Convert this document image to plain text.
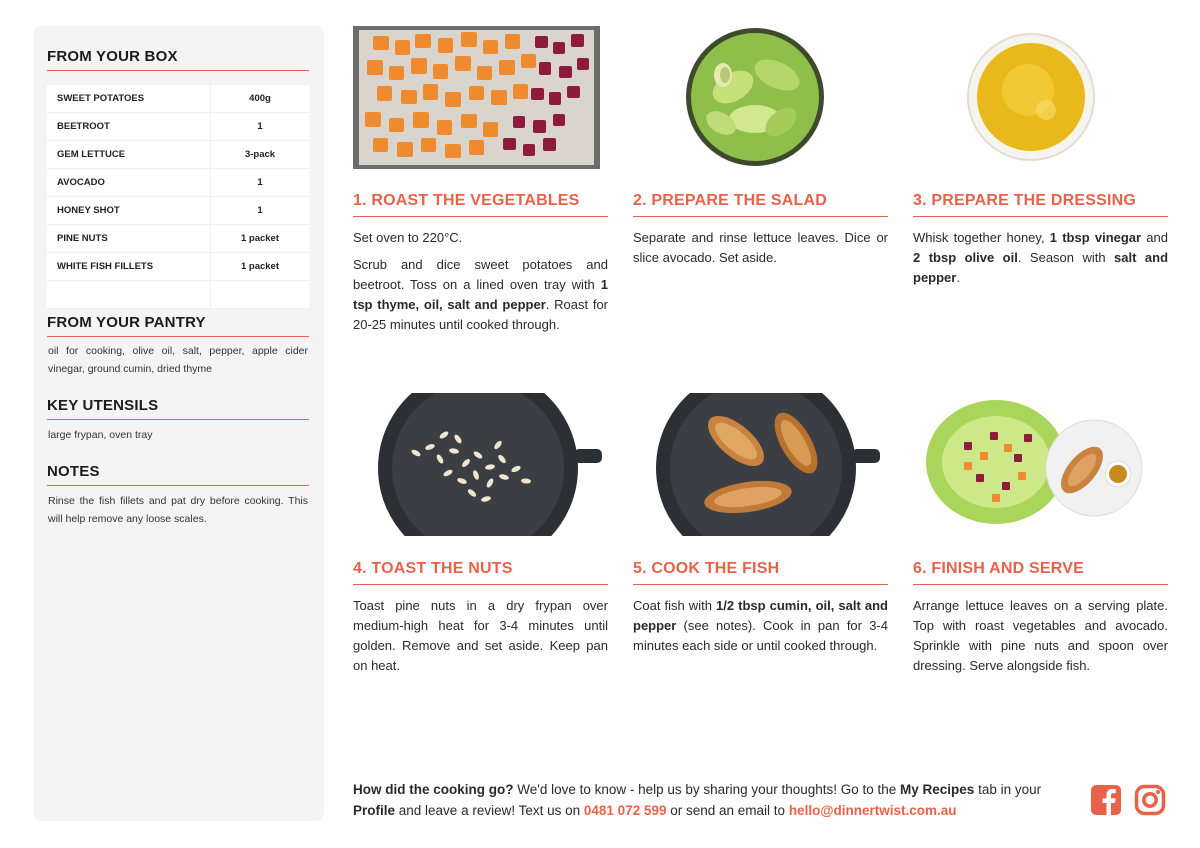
FROM YOUR BOX
SWEET POTATOES	400g
BEETROOT	1
GEM LETTUCE	3-pack
AVOCADO	1
HONEY SHOT	1
PINE NUTS	1 packet
WHITE FISH FILLETS	1 packet

FROM YOUR PANTRY

oil for cooking, olive oil, salt, pepper, apple cider vinegar, ground cumin, dried thyme

KEY UTENSILS

large frypan, oven tray

NOTES

Rinse the fish fillets and pat dry before cooking. This will help remove any loose scales.

1. ROAST THE VEGETABLES

Set oven to 220°C.

Scrub and dice sweet potatoes and beetroot. Toss on a lined oven tray with 1 tsp thyme, oil, salt and pepper. Roast for 20-25 minutes until cooked through.

2. PREPARE THE SALAD

Separate and rinse lettuce leaves. Dice or slice avocado. Set aside.

3. PREPARE THE DRESSING

Whisk together honey, 1 tbsp vinegar and 2 tbsp olive oil. Season with salt and pepper.

4. TOAST THE NUTS

Toast pine nuts in a dry frypan over medium-high heat for 3-4 minutes until golden. Remove and set aside. Keep pan on heat.

5. COOK THE FISH

Coat fish with 1/2 tbsp cumin, oil, salt and pepper (see notes). Cook in pan for 3-4 minutes each side or until cooked through.

6. FINISH AND SERVE

Arrange lettuce leaves on a serving plate. Top with roast vegetables and avocado. Sprinkle with pine nuts and spoon over dressing. Serve alongside fish.

How did the cooking go? We'd love to know - help us by sharing your thoughts! Go to the My Recipes tab in your Profile and leave a review! Text us on 0481 072 599 or send an email to hello@dinnertwist.com.au
